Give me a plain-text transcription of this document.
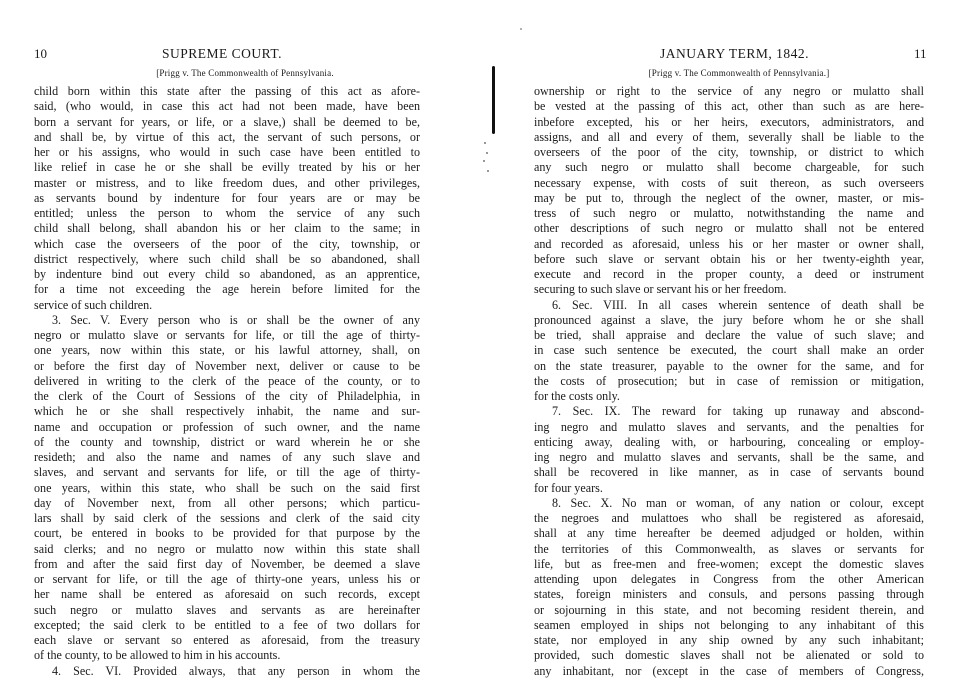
10	SUPREME COURT.
[Prigg v. The Commonwealth of Pennsylvania.

child born within this state after the passing of this act as afore-

said, (who would, in case this act had not been made, have been

born a servant for years, or life, or a slave,) shall be deemed to be,

and shall be, by virtue of this act, the servant of such persons, or

her or his assigns, who would in such case have been entitled to

like relief in case he or she shall be evilly treated by his or her

master or mistress, and to like freedom dues, and other privileges,

as servants bound by indenture for four years are or may be

entitled; unless the person to whom the service of any such

child shall belong, shall abandon his or her claim to the same; in

which case the overseers of the poor of the city, township, or

district respectively, where such child shall be so abandoned, shall

by indenture bind out every child so abandoned, as an apprentice,

for a time not exceeding the age herein before limited for the

service of such children.

3. Sec. V. Every person who is or shall be the owner of any

negro or mulatto slave or servants for life, or till the age of thirty-

one years, now within this state, or his lawful attorney, shall, on

or before the first day of November next, deliver or cause to be

delivered in writing to the clerk of the peace of the county, or to

the clerk of the Court of Sessions of the city of Philadelphia, in

which he or she shall respectively inhabit, the name and sur-

name and occupation or profession of such owner, and the name

of the county and township, district or ward wherein he or she

resideth; and also the name and names of any such slave and

slaves, and servant and servants for life, or till the age of thirty-

one years, within this state, who shall be such on the said first

day of November next, from all other persons; which particu-

lars shall by said clerk of the sessions and clerk of the said city

court, be entered in books to be provided for that purpose by the

said clerks; and no negro or mulatto now within this state shall

from and after the said first day of November, be deemed a slave

or servant for life, or till the age of thirty-one years, unless his or

her name shall be entered as aforesaid on such records, except

such negro or mulatto slaves and servants as are hereinafter

excepted; the said clerk to be entitled to a fee of two dollars for

each slave or servant so entered as aforesaid, from the treasury

of the county, to be allowed to him in his accounts.

4. Sec. VI. Provided always, that any person in whom the

JANUARY TERM, 1842.	11
[Prigg v. The Commonwealth of Pennsylvania.]

ownership or right to the service of any negro or mulatto shall

be vested at the passing of this act, other than such as are here-

inbefore excepted, his or her heirs, executors, administrators, and

assigns, and all and every of them, severally shall be liable to the

overseers of the poor of the city, township, or district to which

any such negro or mulatto shall become chargeable, for such

necessary expense, with costs of suit thereon, as such overseers

may be put to, through the neglect of the owner, master, or mis-

tress of such negro or mulatto, notwithstanding the name and

other descriptions of such negro or mulatto shall not be entered

and recorded as aforesaid, unless his or her master or owner shall,

before such slave or servant obtain his or her twenty-eighth year,

execute and record in the proper county, a deed or instrument

securing to such slave or servant his or her freedom.

6. Sec. VIII. In all cases wherein sentence of death shall be

pronounced against a slave, the jury before whom he or she shall

be tried, shall appraise and declare the value of such slave; and

in case such sentence be executed, the court shall make an order

on the state treasurer, payable to the owner for the same, and for

the costs of prosecution; but in case of remission or mitigation,

for the costs only.

7. Sec. IX. The reward for taking up runaway and abscond-

ing negro and mulatto slaves and servants, and the penalties for

enticing away, dealing with, or harbouring, concealing or employ-

ing negro and mulatto slaves and servants, shall be the same, and

shall be recovered in like manner, as in case of servants bound

for four years.

8. Sec. X. No man or woman, of any nation or colour, except

the negroes and mulattoes who shall be registered as aforesaid,

shall at any time hereafter be deemed adjudged or holden, within

the territories of this Commonwealth, as slaves or servants for

life, but as free-men and free-women; except the domestic slaves

attending upon delegates in Congress from the other American

states, foreign ministers and consuls, and persons passing through

or sojourning in this state, and not becoming resident therein, and

seamen employed in ships not belonging to any inhabitant of this

state, nor employed in any ship owned by any such inhabitant;

provided, such domestic slaves shall not be alienated or sold to

any inhabitant, nor (except in the case of members of Congress,
